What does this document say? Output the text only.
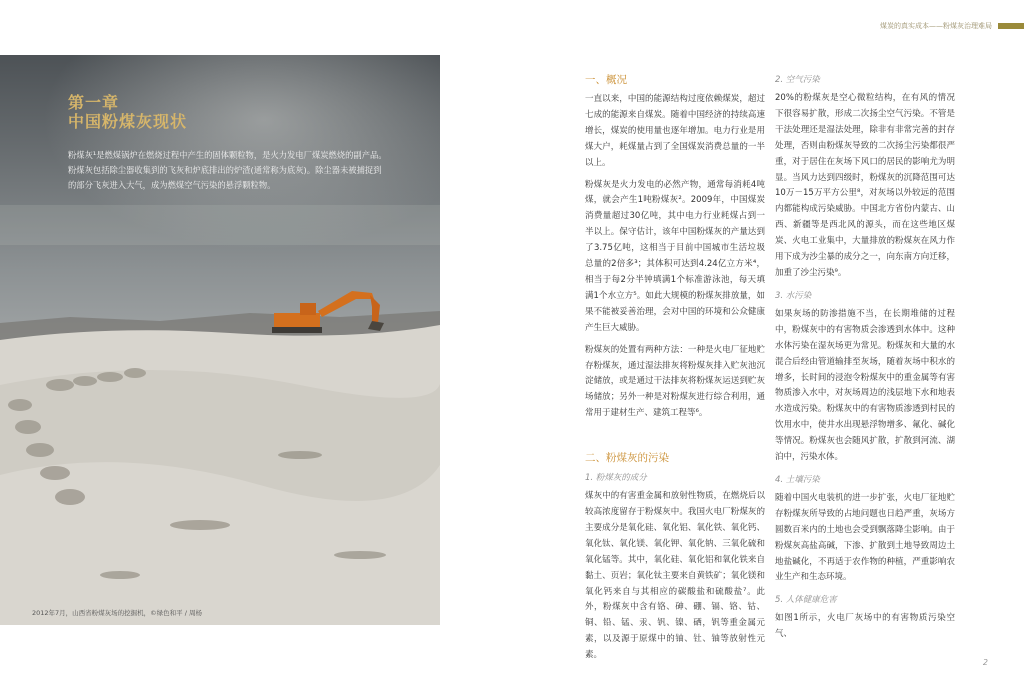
煤炭的真实成本——粉煤灰治理难局
第一章
中国粉煤灰现状

粉煤灰¹是燃煤锅炉在燃烧过程中产生的固体颗粒物，是火力发电厂煤炭燃烧的副产品。粉煤灰包括除尘器收集到的飞灰和炉底排出的炉渣(通常称为底灰)。除尘器未被捕捉到的部分飞灰进入大气，成为燃煤空气污染的悬浮颗粒物。

2012年7月，山西省粉煤灰场的挖掘机，©绿色和平 / 周杨
一、概况

一直以来，中国的能源结构过度依赖煤炭，超过七成的能源来自煤炭。随着中国经济的持续高速增长，煤炭的使用量也逐年增加。电力行业是用煤大户，耗煤量占到了全国煤炭消费总量的一半以上。

粉煤灰是火力发电的必然产物，通常每消耗4吨煤，就会产生1吨粉煤灰²。2009年，中国煤炭消费量超过30亿吨，其中电力行业耗煤占到一半以上。保守估计，该年中国粉煤灰的产量达到了3.75亿吨，这相当于目前中国城市生活垃圾总量的2倍多³；其体积可达到4.24亿立方米⁴，相当于每2分半钟填满1个标准游泳池，每天填满1个水立方⁵。如此大规模的粉煤灰排放量，如果不能被妥善治理，会对中国的环境和公众健康产生巨大威胁。

粉煤灰的处置有两种方法：一种是火电厂征地贮存粉煤灰，通过湿法排灰将粉煤灰排入贮灰池沉淀储放，或是通过干法排灰将粉煤灰运送到贮灰场储放；另外一种是对粉煤灰进行综合利用，通常用于建材生产、建筑工程等⁶。

二、粉煤灰的污染
1. 粉煤灰的成分

煤灰中的有害重金属和放射性物质，在燃烧后以较高浓度留存于粉煤灰中。我国火电厂粉煤灰的主要成分是氧化硅、氧化铝、氧化铁、氧化钙、氧化钛、氧化镁、氧化钾、氧化钠、三氧化硫和氧化锰等。其中，氧化硅、氧化铝和氧化铁来自黏土、页岩；氧化钛主要来自黄铁矿；氧化镁和氧化钙来自与其相应的碳酸盐和硫酸盐⁷。此外，粉煤灰中含有铬、砷、硼、镉、铬、钴、铜、铅、锰、汞、钒、镍、硒，钒等重金属元素，以及源于原煤中的铀、钍、铀等放射性元素。

2. 空气污染

20%的粉煤灰是空心微粒结构，在有风的情况下很容易扩散，形成二次扬尘空气污染。不管是干法处理还是湿法处理，除非有非常完善的封存处理，否则由粉煤灰导致的二次扬尘污染都很严重，对于居住在灰场下风口的居民的影响尤为明显。当风力达到四级时，粉煤灰的沉降范围可达10万－15万平方公里⁸，对灰场以外较远的范围内都能构成污染威胁。中国北方省份内蒙古、山西、新疆等是西北风的源头，而在这些地区煤炭、火电工业集中，大量排放的粉煤灰在风力作用下成为沙尘暴的成分之一，向东南方向迁移，加重了沙尘污染⁹。

3. 水污染

如果灰场的防渗措施不当，在长期堆储的过程中，粉煤灰中的有害物质会渗透到水体中。这种水体污染在湿灰场更为常见。粉煤灰和大量的水混合后经由管道输排至灰场，随着灰场中积水的增多，长时间的浸泡令粉煤灰中的重金属等有害物质渗入水中，对灰场周边的浅层地下水和地表水造成污染。粉煤灰中的有害物质渗透到村民的饮用水中，使井水出现悬浮物增多、氟化、碱化等情况。粉煤灰也会随风扩散，扩散到河流、湖泊中，污染水体。

4. 土壤污染

随着中国火电装机的进一步扩张，火电厂征地贮存粉煤灰所导致的占地问题也日趋严重，灰场方圆数百米内的土地也会受到飘落降尘影响。由于粉煤灰高盐高碱，下渗、扩散到土地导致周边土地盐碱化，不再适于农作物的种植，严重影响农业生产和生态环境。

5. 人体健康危害

如图1所示，火电厂灰场中的有害物质污染空气、

2
